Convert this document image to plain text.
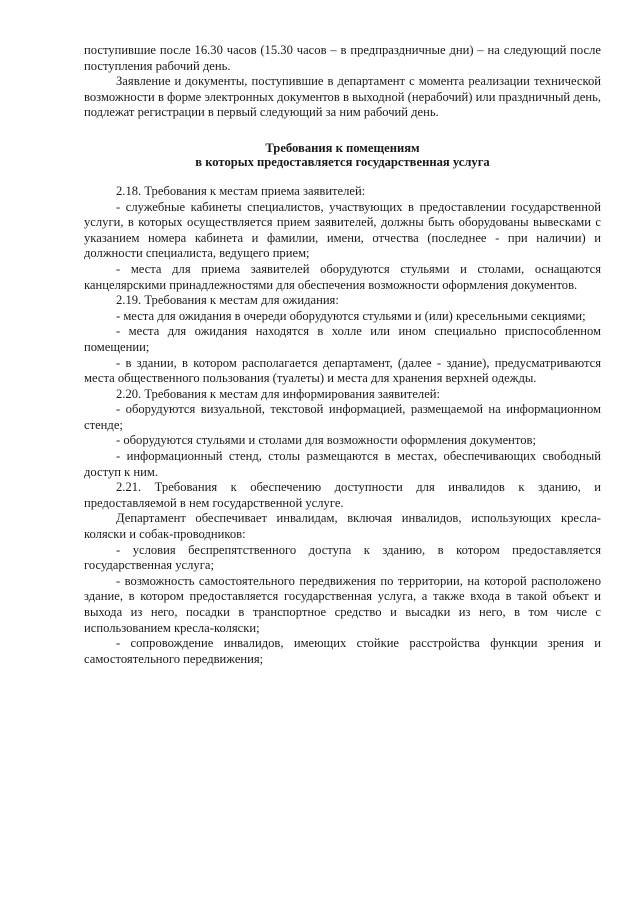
поступившие после 16.30 часов (15.30 часов – в предпраздничные дни) – на следующий после поступления рабочий день.

Заявление и документы, поступившие в департамент с момента реализации технической возможности в форме электронных документов в выходной (нерабочий) или праздничный день, подлежат регистрации в первый следующий за ним рабочий день.

Требования к помещениям
в которых предоставляется государственная услуга

2.18. Требования к местам приема заявителей:

- служебные кабинеты специалистов, участвующих в предоставлении государственной услуги, в которых осуществляется прием заявителей, должны быть оборудованы вывесками с указанием номера кабинета и фамилии, имени, отчества (последнее - при наличии) и должности специалиста, ведущего прием;

- места для приема заявителей оборудуются стульями и столами, оснащаются канцелярскими принадлежностями для обеспечения возможности оформления документов.

2.19. Требования к местам для ожидания:

- места для ожидания в очереди оборудуются стульями и (или) кресельными секциями;

- места для ожидания находятся в холле или ином специально приспособленном помещении;

- в здании, в котором располагается департамент, (далее - здание), предусматриваются места общественного пользования (туалеты) и места для хранения верхней одежды.

2.20. Требования к местам для информирования заявителей:

- оборудуются визуальной, текстовой информацией, размещаемой на информационном стенде;

- оборудуются стульями и столами для возможности оформления документов;

- информационный стенд, столы размещаются в местах, обеспечивающих свободный доступ к ним.

2.21. Требования к обеспечению доступности для инвалидов к зданию, и предоставляемой в нем государственной услуге.

Департамент обеспечивает инвалидам, включая инвалидов, использующих кресла-коляски и собак-проводников:

- условия беспрепятственного доступа к зданию, в котором предоставляется государственная услуга;

- возможность самостоятельного передвижения по территории, на которой расположено здание, в котором предоставляется государственная услуга, а также входа в такой объект и выхода из него, посадки в транспортное средство и высадки из него, в том числе с использованием кресла-коляски;

- сопровождение инвалидов, имеющих стойкие расстройства функции зрения и самостоятельного передвижения;
